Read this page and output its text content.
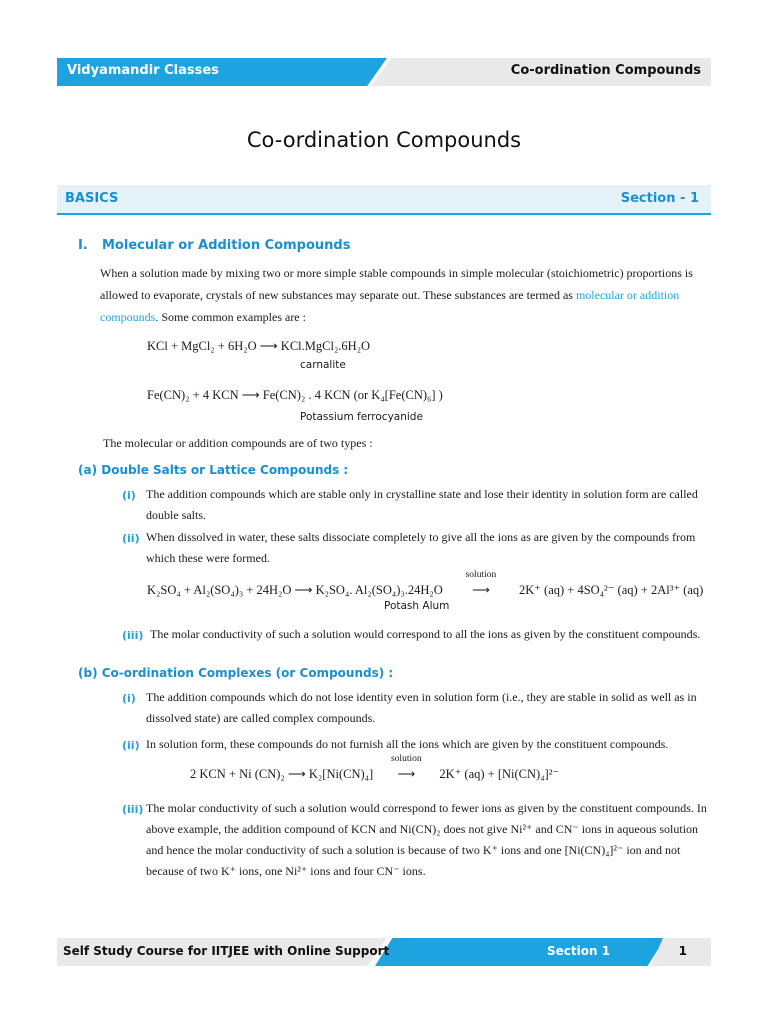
Vidyamandir Classes	Co-ordination Compounds
Co-ordination Compounds
BASICS	Section - 1
I. Molecular or Addition Compounds
When a solution made by mixing two or more simple stable compounds in simple molecular (stoichiometric) proportions is allowed to evaporate, crystals of new substances may separate out. These substances are termed as molecular or addition compounds. Some common examples are :
KCl + MgCl₂ + 6H₂O ⟶ KCl.MgCl₂.6H₂O
carnalite
Fe(CN)₂ + 4 KCN ⟶ Fe(CN)₂ . 4 KCN (or K₄[Fe(CN)₆] )
Potassium ferrocyanide
The molecular or addition compounds are of two types :
(a) Double Salts or Lattice Compounds :
(i) The addition compounds which are stable only in crystalline state and lose their identity in solution form are called double salts.
(ii) When dissolved in water, these salts dissociate completely to give all the ions as are given by the compounds from which these were formed.
K₂SO₄ + Al₂(SO₄)₃ + 24H₂O ⟶ K₂SO₄. Al₂(SO₄)₃.24H₂O
solution
⟶ 2K⁺ (aq) + 4SO₄²⁻ (aq) + 2Al³⁺ (aq)
Potash Alum
(iii) The molar conductivity of such a solution would correspond to all the ions as given by the constituent compounds.
(b) Co-ordination Complexes (or Compounds) :
(i) The addition compounds which do not lose identity even in solution form (i.e., they are stable in solid as well as in dissolved state) are called complex compounds.
(ii) In solution form, these compounds do not furnish all the ions which are given by the constituent compounds.
2 KCN + Ni (CN)₂ ⟶ K₂[Ni(CN)₄]
solution
⟶ 2K⁺ (aq) + [Ni(CN)₄]²⁻
(iii) The molar conductivity of such a solution would correspond to fewer ions as given by the constituent compounds. In above example, the addition compound of KCN and Ni(CN)₂ does not give Ni²⁺ and CN⁻ ions in aqueous solution and hence the molar conductivity of such a solution is because of two K⁺ ions and one [Ni(CN)₄]²⁻ ion and not because of two K⁺ ions, one Ni²⁺ ions and four CN⁻ ions.
Self Study Course for IITJEE with Online Support	Section 1	1
